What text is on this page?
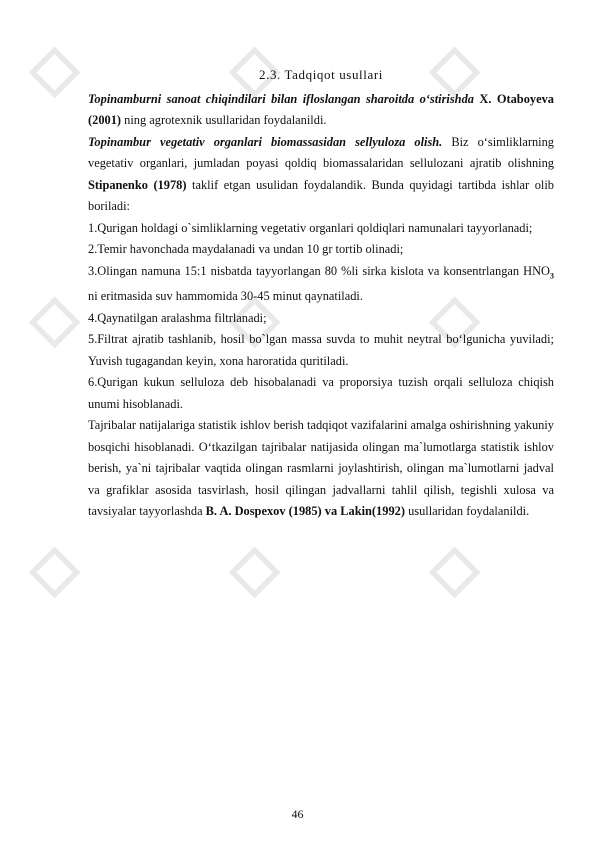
◇ ◇ ◇
◇ ◇ ◇
◇ ◇ ◇
2.3. Tadqiqot usullari

Topinamburni sanoat chiqindilari bilan ifloslangan sharoitda o‘stirishda X. Otaboyeva (2001) ning agrotexnik usullaridan foydalanildi.

Topinambur vegetativ organlari biomassasidan sellyuloza olish. Biz o‘simliklarning vegetativ organlari, jumladan poyasi qoldiq biomassalaridan sellulozani ajratib olishning Stipanenko (1978) taklif etgan usulidan foydalandik. Bunda quyidagi tartibda ishlar olib boriladi:

1.Qurigan holdagi o`simliklarning vegetativ organlari qoldiqlari namunalari tayyorlanadi;

2.Temir havonchada maydalanadi va undan 10 gr tortib olinadi;

3.Olingan namuna 15:1 nisbatda tayyorlangan 80 %li sirka kislota va konsentrlangan $HNO_3$ ni eritmasida suv hammomida 30-45 minut qaynatiladi.

4.Qaynatilgan aralashma filtrlanadi;

5.Filtrat ajratib tashlanib, hosil bo`lgan massa suvda to muhit neytral bo‘lgunicha yuviladi; Yuvish tugagandan keyin, xona haroratida quritiladi.

6.Qurigan kukun selluloza deb hisobalanadi va proporsiya tuzish orqali selluloza chiqish unumi hisoblanadi.

Tajribalar natijalariga statistik ishlov berish tadqiqot vazifalarini amalga oshirishning yakuniy bosqichi hisoblanadi. O‘tkazilgan tajribalar natijasida olingan ma`lumotlarga statistik ishlov berish, ya`ni tajribalar vaqtida olingan rasmlarni joylashtirish, olingan ma`lumotlarni jadval va grafiklar asosida tasvirlash, hosil qilingan jadvallarni tahlil qilish, tegishli xulosa va tavsiyalar tayyorlashda B. A. Dospexov (1985) va Lakin(1992) usullaridan foydalanildi.

46
